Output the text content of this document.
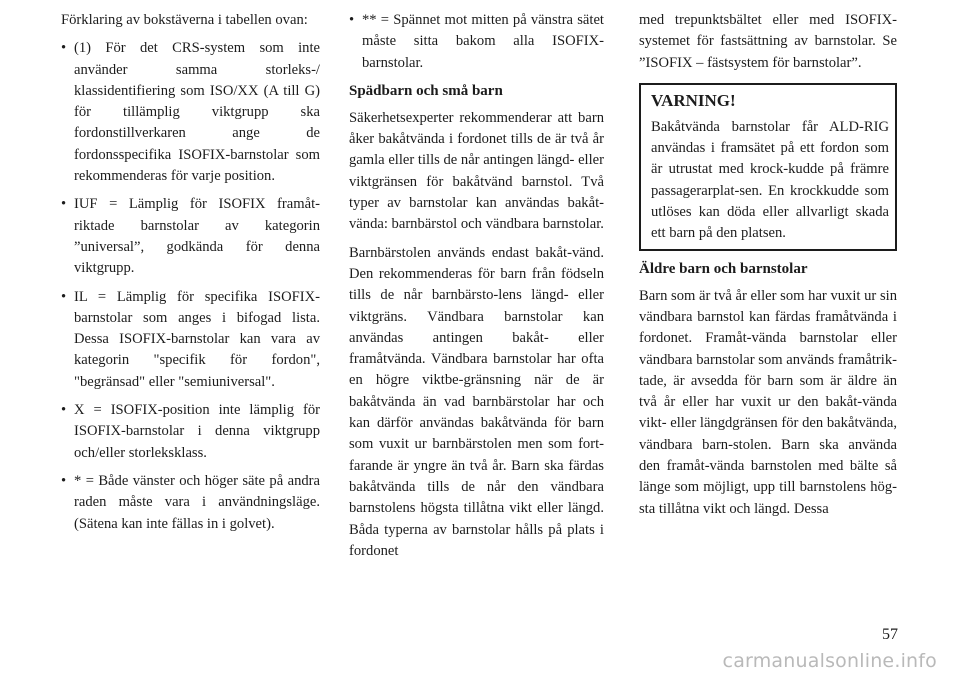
Förklaring av bokstäverna i tabellen ovan:

• (1) För det CRS-system som inte använder samma storleks-/ klassidentifiering som ISO/XX (A till G) för tillämplig viktgrupp ska fordonstillverkaren ange de fordonsspecifika ISOFIX-barnstolar som rekommenderas för varje position.
• IUF = Lämplig för ISOFIX framåt-riktade barnstolar av kategorin ”universal”, godkända för denna viktgrupp.
• IL = Lämplig för specifika ISOFIX-barnstolar som anges i bifogad lista. Dessa ISOFIX-barnstolar kan vara av kategorin "specifik för fordon", "begränsad" eller "semiuniversal".
• X = ISOFIX-position inte lämplig för ISOFIX-barnstolar i denna viktgrupp och/eller storleksklass.
• * = Både vänster och höger säte på andra raden måste vara i användningsläge. (Sätena kan inte fällas in i golvet).
• ** = Spännet mot mitten på vänstra sätet måste sitta bakom alla ISOFIX-barnstolar.
Spädbarn och små barn

Säkerhetsexperter rekommenderar att barn åker bakåtvända i fordonet tills de är två år gamla eller tills de når antingen längd- eller viktgränsen för bakåtvänd barnstol. Två typer av barnstolar kan användas bakåt-vända: barnbärstol och vändbara barnstolar.

Barnbärstolen används endast bakåt-vänd. Den rekommenderas för barn från födseln tills de når barnbärsto-lens längd- eller viktgräns. Vändbara barnstolar kan användas antingen bakåt- eller framåtvända. Vändbara barnstolar har ofta en högre viktbe-gränsning när de är bakåtvända än vad barnbärstolar har och kan därför användas bakåtvända för barn som vuxit ur barnbärstolen men som fort-farande är yngre än två år. Barn ska färdas bakåtvända tills de når den vändbara barnstolens högsta tillåtna vikt eller längd. Båda typerna av barnstolar hålls på plats i fordonet

med trepunktsbältet eller med ISOFIX-systemet för fastsättning av barnstolar. Se ”ISOFIX – fästsystem för barnstolar”.

VARNING!

Bakåtvända barnstolar får ALD-RIG användas i framsätet på ett fordon som är utrustat med krock-kudde på främre passagerarplat-sen. En krockkudde som utlöses kan döda eller allvarligt skada ett barn på den platsen.

Äldre barn och barnstolar

Barn som är två år eller som har vuxit ur sin vändbara barnstol kan färdas framåtvända i fordonet. Framåt-vända barnstolar eller vändbara barnstolar som används framåtrik-tade, är avsedda för barn som är äldre än två år eller har vuxit ur den bakåt-vända vikt- eller längdgränsen för den bakåtvända, vändbara barn-stolen. Barn ska använda den framåt-vända barnstolen med bälte så länge som möjligt, upp till barnstolens hög-sta tillåtna vikt och längd. Dessa

57
carmanualsonline.info
